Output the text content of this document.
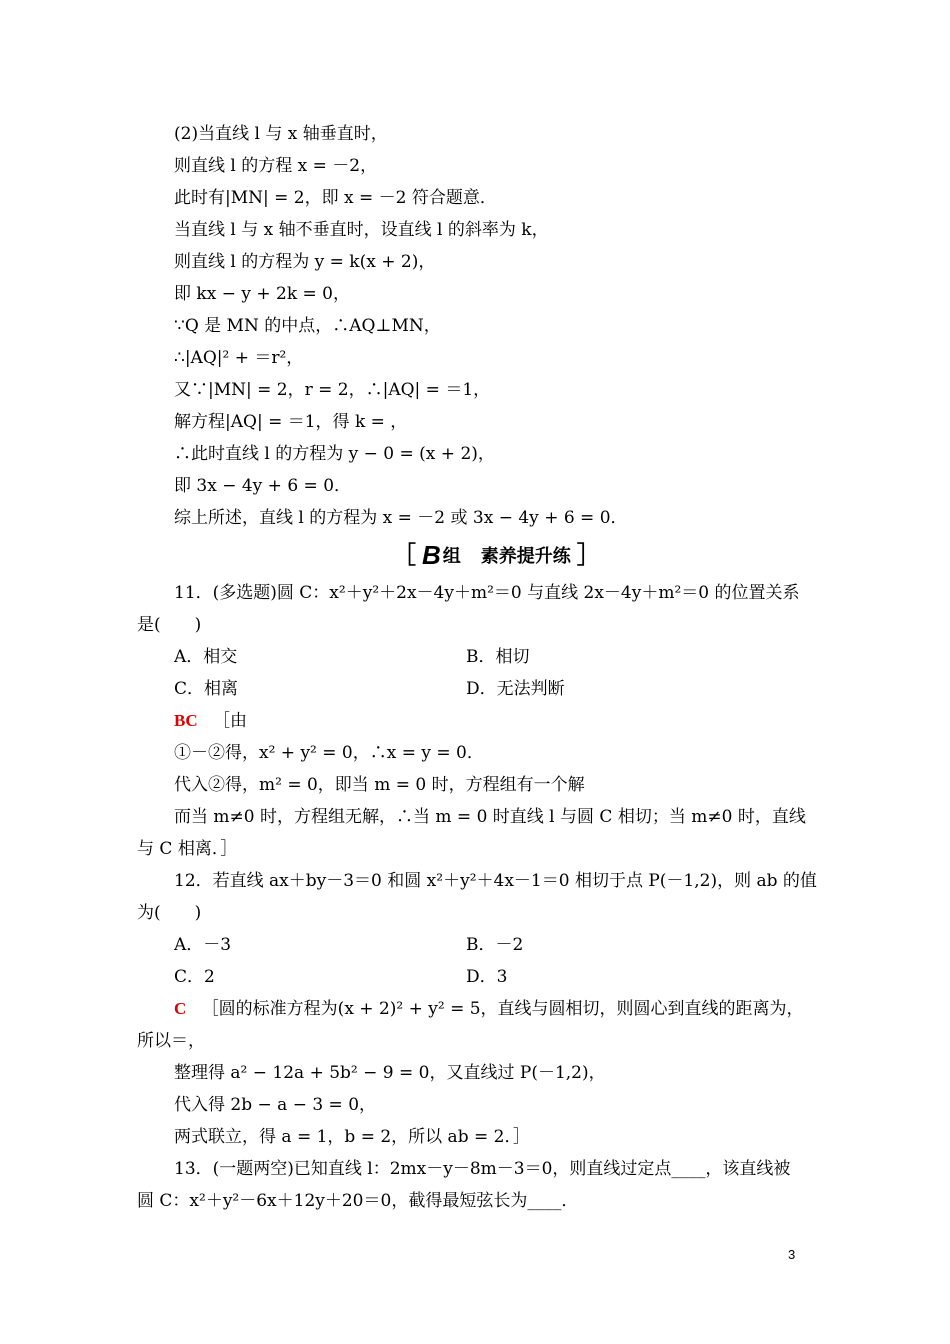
(2)当直线 l 与 x 轴垂直时，
则直线 l 的方程 x = －2，
此时有|MN| = 2，即 x = －2 符合题意．
当直线 l 与 x 轴不垂直时，设直线 l 的斜率为 k，
则直线 l 的方程为 y = k(x + 2)，
即 kx − y + 2k = 0，
∵Q 是 MN 的中点，∴AQ⊥MN，
∴|AQ|² + ＝r²，
又∵|MN| = 2，r = 2，∴|AQ| = ＝1，
解方程|AQ| = ＝1，得 k = ，
∴此时直线 l 的方程为 y − 0 = (x + 2)，
即 3x − 4y + 6 = 0．
综上所述，直线 l 的方程为 x = －2 或 3x − 4y + 6 = 0．
［ B 组 素养提升练 ］
11．(多选题)圆 C：x²＋y²＋2x－4y＋m²＝0 与直线 2x－4y＋m²＝0 的位置关系
是(　　)
A．相交	B．相切
C．相离	D．无法判断
BC ［由
①－②得，x² + y² = 0，∴x = y = 0．
代入②得，m² = 0，即当 m = 0 时，方程组有一个解
而当 m≠0 时，方程组无解，∴当 m = 0 时直线 l 与圆 C 相切；当 m≠0 时，直线
与 C 相离．］
12．若直线 ax＋by－3＝0 和圆 x²＋y²＋4x－1＝0 相切于点 P(－1,2)，则 ab 的值
为(　　)
A．－3	B．－2
C．2	D．3
C ［圆的标准方程为(x + 2)² + y² = 5，直线与圆相切，则圆心到直线的距离为，
所以＝，
整理得 a² − 12a + 5b² − 9 = 0，又直线过 P(－1,2)，
代入得 2b − a − 3 = 0，
两式联立，得 a = 1，b = 2，所以 ab = 2．］
13．(一题两空)已知直线 l：2mx－y－8m－3＝0，则直线过定点____，该直线被
圆 C：x²＋y²－6x＋12y＋20＝0，截得最短弦长为____．
3
